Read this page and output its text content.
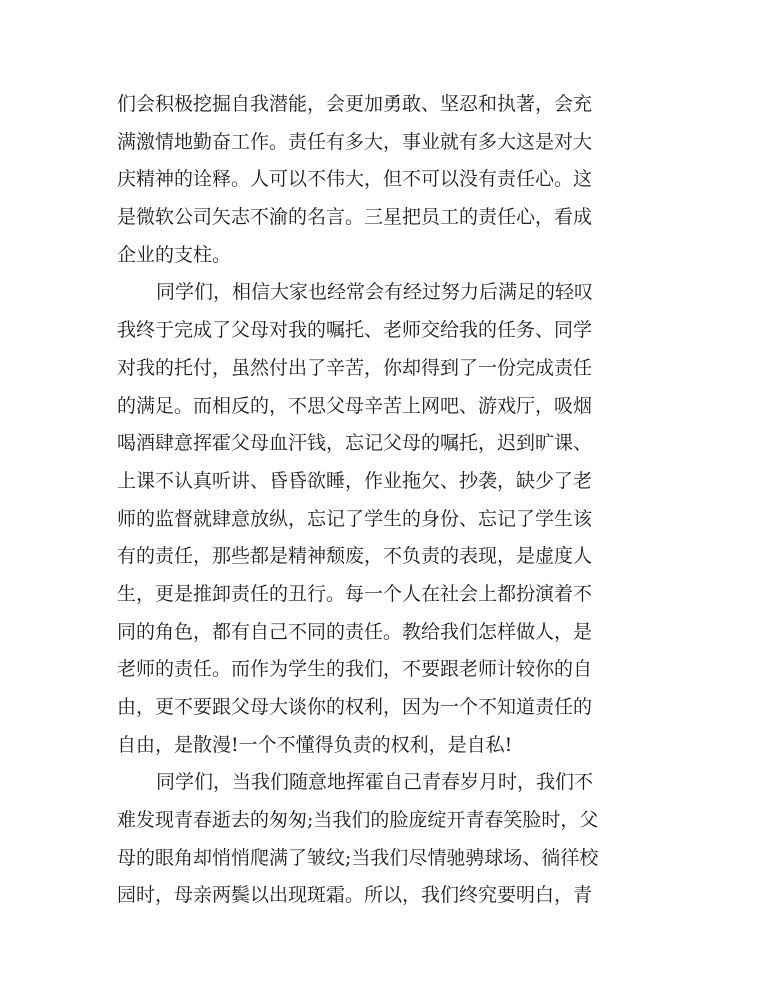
们会积极挖掘自我潜能，会更加勇敢、坚忍和执著，会充
满激情地勤奋工作。责任有多大，事业就有多大这是对大
庆精神的诠释。人可以不伟大，但不可以没有责任心。这
是微软公司矢志不渝的名言。三星把员工的责任心，看成
企业的支柱。
同学们，相信大家也经常会有经过努力后满足的轻叹
我终于完成了父母对我的嘱托、老师交给我的任务、同学
对我的托付，虽然付出了辛苦，你却得到了一份完成责任
的满足。而相反的，不思父母辛苦上网吧、游戏厅，吸烟
喝酒肆意挥霍父母血汗钱，忘记父母的嘱托，迟到旷课、
上课不认真听讲、昏昏欲睡，作业拖欠、抄袭，缺少了老
师的监督就肆意放纵，忘记了学生的身份、忘记了学生该
有的责任，那些都是精神颓废，不负责的表现，是虚度人
生，更是推卸责任的丑行。每一个人在社会上都扮演着不
同的角色，都有自己不同的责任。教给我们怎样做人，是
老师的责任。而作为学生的我们，不要跟老师计较你的自
由，更不要跟父母大谈你的权利，因为一个不知道责任的
自由，是散漫!一个不懂得负责的权利，是自私!
同学们，当我们随意地挥霍自己青春岁月时，我们不
难发现青春逝去的匆匆;当我们的脸庞绽开青春笑脸时，父
母的眼角却悄悄爬满了皱纹;当我们尽情驰骋球场、徜徉校
园时，母亲两鬓以出现斑霜。所以，我们终究要明白，青
